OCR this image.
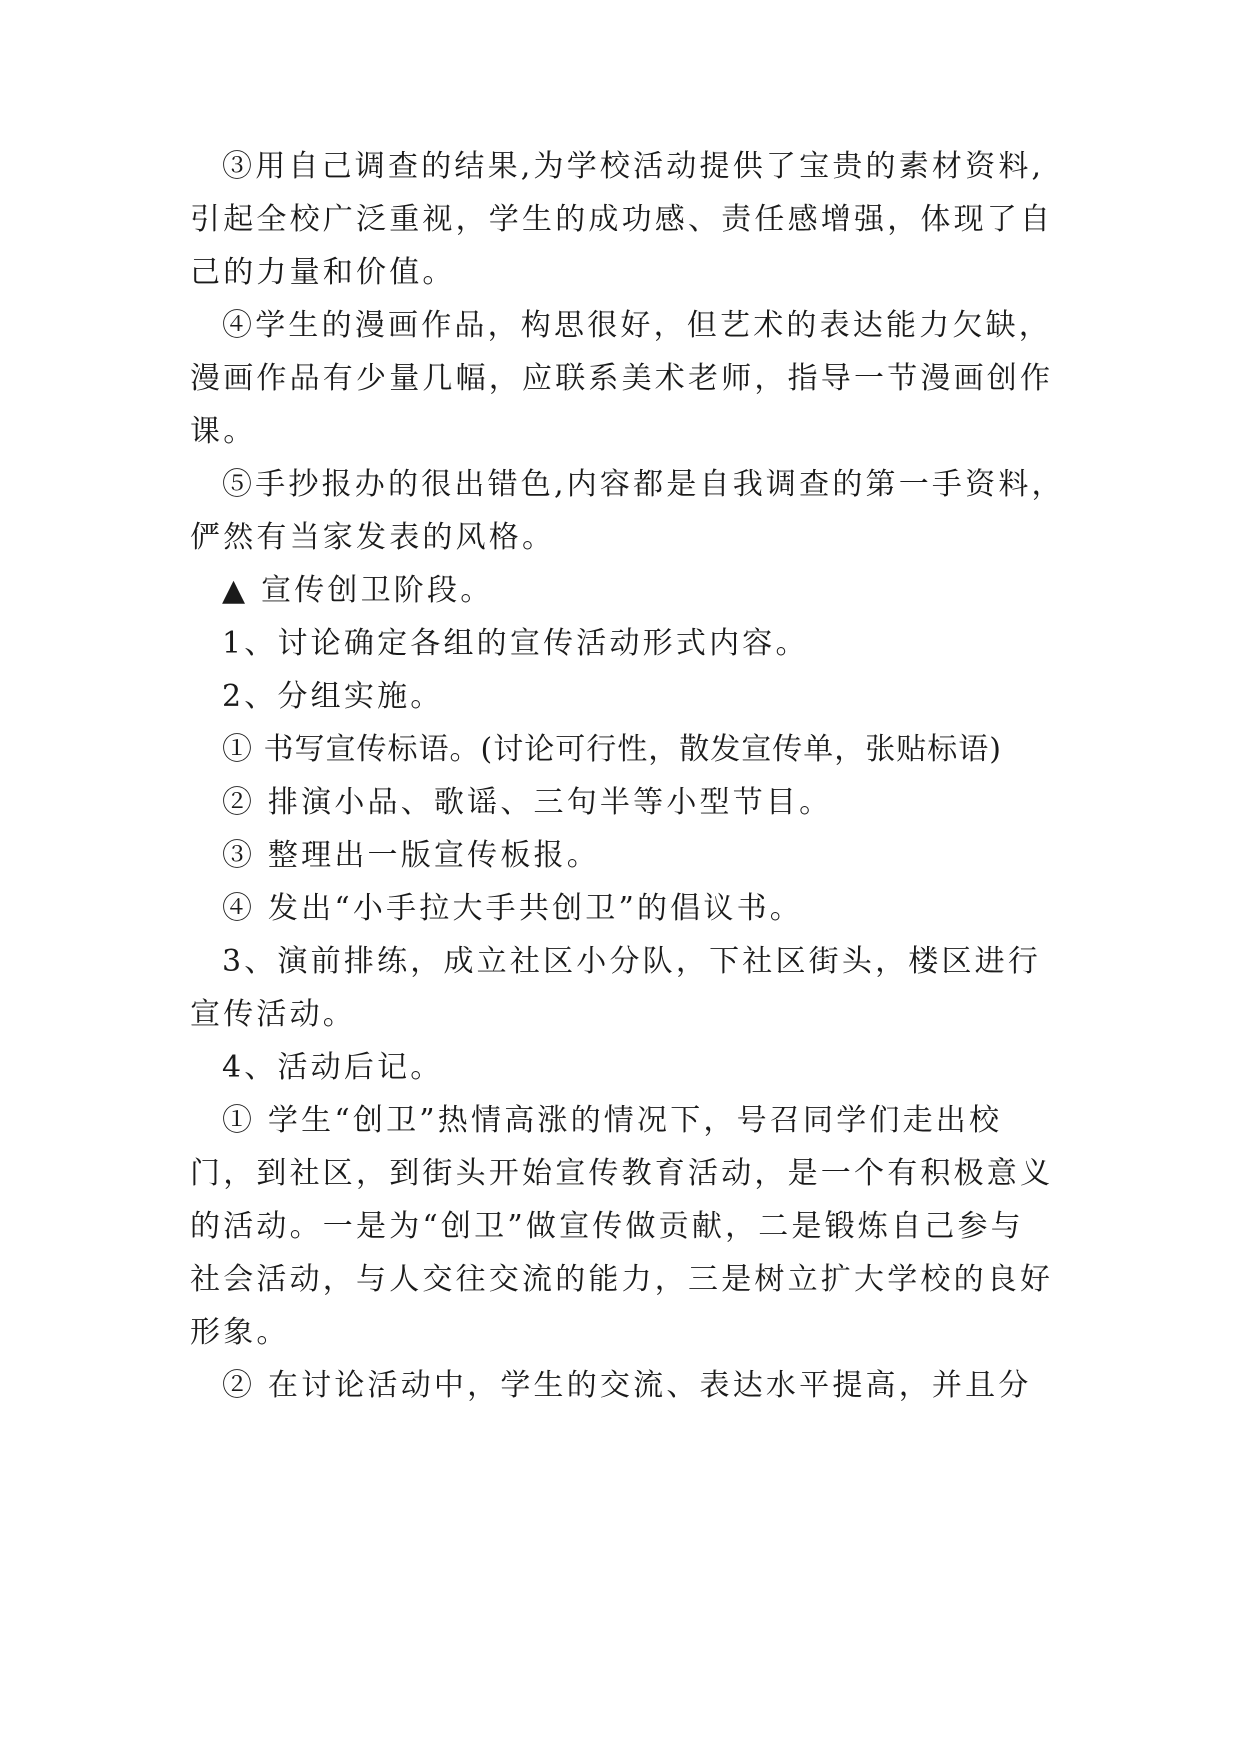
③用自己调查的结果,为学校活动提供了宝贵的素材资料,
引起全校广泛重视，学生的成功感、责任感增强，体现了自
己的力量和价值。
④学生的漫画作品，构思很好，但艺术的表达能力欠缺，
漫画作品有少量几幅，应联系美术老师，指导一节漫画创作
课。
⑤手抄报办的很出错色,内容都是自我调查的第一手资料，
俨然有当家发表的风格。
▲ 宣传创卫阶段。
1、讨论确定各组的宣传活动形式内容。
2、分组实施。
① 书写宣传标语。(讨论可行性，散发宣传单，张贴标语)
② 排演小品、歌谣、三句半等小型节目。
③ 整理出一版宣传板报。
④ 发出“小手拉大手共创卫”的倡议书。
3、演前排练，成立社区小分队，下社区街头，楼区进行
宣传活动。
4、活动后记。
① 学生“创卫”热情高涨的情况下，号召同学们走出校
门，到社区，到街头开始宣传教育活动，是一个有积极意义
的活动。一是为“创卫”做宣传做贡献，二是锻炼自己参与
社会活动，与人交往交流的能力，三是树立扩大学校的良好
形象。
② 在讨论活动中，学生的交流、表达水平提高，并且分
